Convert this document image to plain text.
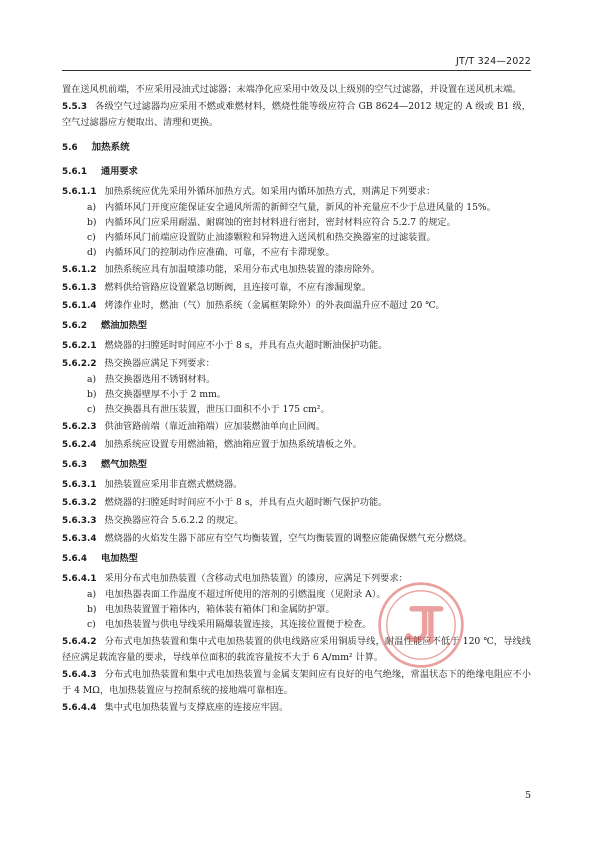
JT/T 324—2022

置在送风机前端，不应采用浸油式过滤器；末端净化应采用中效及以上级别的空气过滤器，并设置在送风机末端。

5.5.3 各级空气过滤器均应采用不燃或难燃材料，燃烧性能等级应符合 GB 8624—2012 规定的 A 级或 B1 级，空气过滤器应方便取出、清理和更换。

5.6 加热系统
5.6.1 通用要求

5.6.1.1 加热系统应优先采用外循环加热方式。如采用内循环加热方式，则满足下列要求：

a) 内循环风门开度应能保证安全通风所需的新鲜空气量，新风的补充量应不少于总进风量的 15%。
b) 内循环风门应采用耐温、耐腐蚀的密封材料进行密封，密封材料应符合 5.2.7 的规定。
c) 内循环风门前端应设置防止油漆颗粒和异物进入送风机和热交换器室的过滤装置。
d) 内循环风门的控制动作应准确、可靠，不应有卡滞现象。

5.6.1.2 加热系统应具有加温喷漆功能，采用分布式电加热装置的漆房除外。

5.6.1.3 燃料供给管路应设置紧急切断阀，且连接可靠，不应有渗漏现象。

5.6.1.4 烤漆作业时，燃油（气）加热系统（金属框架除外）的外表面温升应不超过 20 ℃。

5.6.2 燃油加热型

5.6.2.1 燃烧器的扫膛延时时间应不小于 8 s，并具有点火超时断油保护功能。

5.6.2.2 热交换器应满足下列要求：

a) 热交换器选用不锈钢材料。
b) 热交换器壁厚不小于 2 mm。
c) 热交换器具有泄压装置，泄压口面积不小于 175 cm²。

5.6.2.3 供油管路前端（靠近油箱端）应加装燃油单向止回阀。

5.6.2.4 加热系统应设置专用燃油箱，燃油箱应置于加热系统墙板之外。

5.6.3 燃气加热型

5.6.3.1 加热装置应采用非直燃式燃烧器。

5.6.3.2 燃烧器的扫膛延时时间应不小于 8 s，并具有点火超时断气保护功能。

5.6.3.3 热交换器应符合 5.6.2.2 的规定。

5.6.3.4 燃烧器的火焰发生器下部应有空气均衡装置，空气均衡装置的调整应能确保燃气充分燃烧。

5.6.4 电加热型

5.6.4.1 采用分布式电加热装置（含移动式电加热装置）的漆房，应满足下列要求：

a) 电加热器表面工作温度不超过所使用的溶剂的引燃温度（见附录 A）。
b) 电加热装置置于箱体内，箱体装有箱体门和金属防护罩。
c) 电加热装置与供电导线采用隔爆装置连接，其连接位置便于检查。

5.6.4.2 分布式电加热装置和集中式电加热装置的供电线路应采用铜质导线，耐温性能应不低于 120 ℃，导线线径应满足载流容量的要求，导线单位面积的载流容量按不大于 6 A/mm² 计算。

5.6.4.3 分布式电加热装置和集中式电加热装置与金属支架间应有良好的电气绝缘，常温状态下的绝缘电阻应不小于 4 MΩ，电加热装置应与控制系统的接地端可靠相连。

5.6.4.4 集中式电加热装置与支撑底座的连接应牢固。

5
